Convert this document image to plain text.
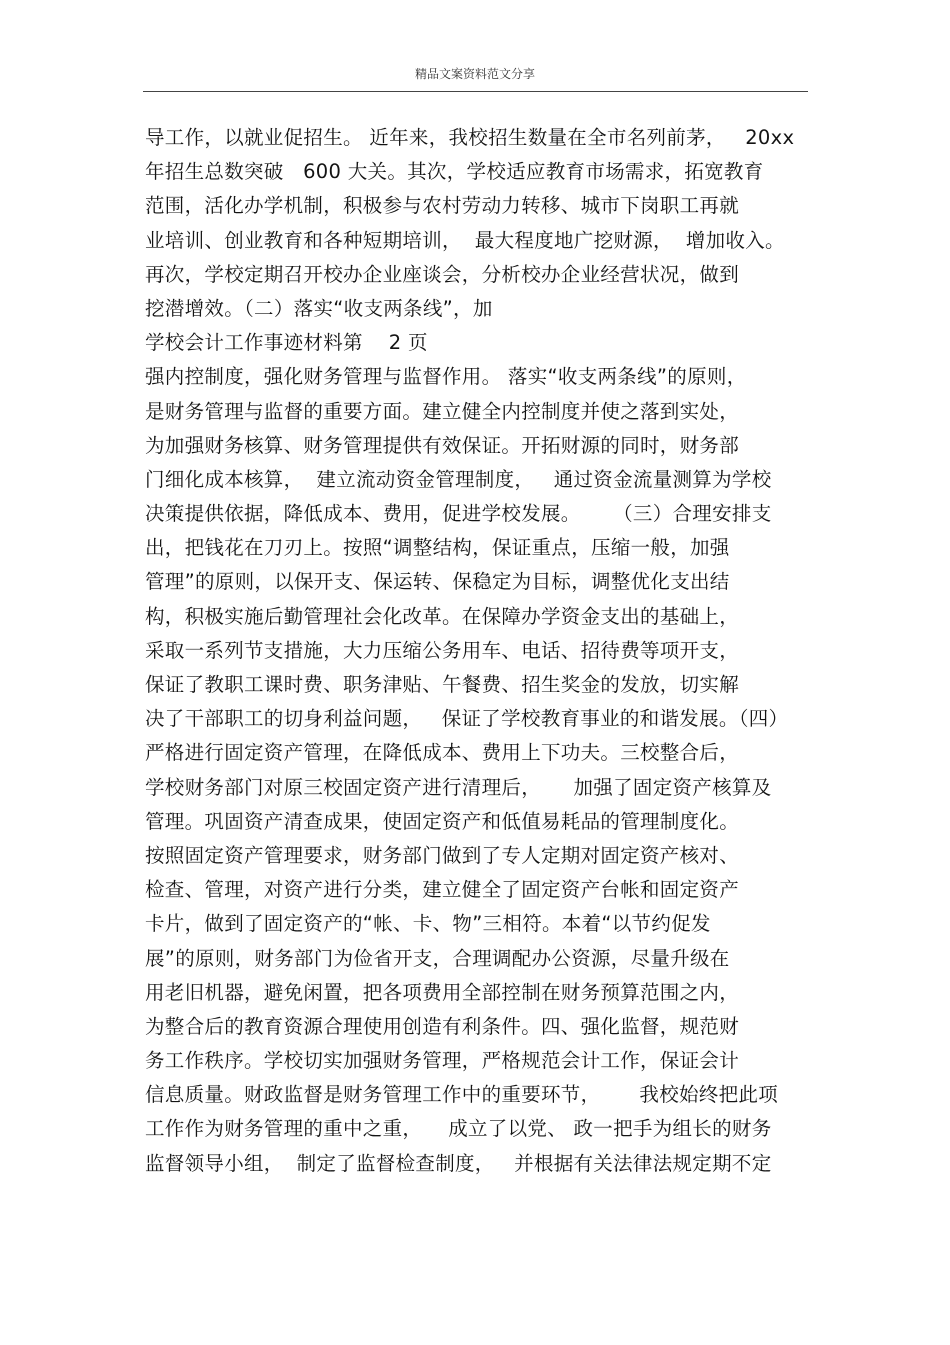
精品文案资料范文分享
导工作，以就业促招生。 近年来，我校招生数量在全市名列前茅，   20xx
年招生总数突破   600 大关。其次，学校适应教育市场需求，拓宽教育
范围，活化办学机制，积极参与农村劳动力转移、城市下岗职工再就
业培训、创业教育和各种短期培训，  最大程度地广挖财源，  增加收入。
再次，学校定期召开校办企业座谈会，分析校办企业经营状况，做到
挖潜增效。（二）落实“收支两条线”，加
学校会计工作事迹材料第    2 页
强内控制度，强化财务管理与监督作用。 落实“收支两条线”的原则，
是财务管理与监督的重要方面。建立健全内控制度并使之落到实处，
为加强财务核算、财务管理提供有效保证。开拓财源的同时，财务部
门细化成本核算，  建立流动资金管理制度，   通过资金流量测算为学校
决策提供依据，降低成本、费用，促进学校发展。     （三）合理安排支
出，把钱花在刀刃上。按照“调整结构，保证重点，压缩一般，加强
管理”的原则，以保开支、保运转、保稳定为目标，调整优化支出结
构，积极实施后勤管理社会化改革。在保障办学资金支出的基础上，
采取一系列节支措施，大力压缩公务用车、电话、招待费等项开支，
保证了教职工课时费、职务津贴、午餐费、招生奖金的发放，切实解
决了干部职工的切身利益问题，   保证了学校教育事业的和谐发展。（四）
严格进行固定资产管理，在降低成本、费用上下功夫。三校整合后，
学校财务部门对原三校固定资产进行清理后，     加强了固定资产核算及
管理。巩固资产清查成果，使固定资产和低值易耗品的管理制度化。
按照固定资产管理要求，财务部门做到了专人定期对固定资产核对、
检查、管理，对资产进行分类，建立健全了固定资产台帐和固定资产
卡片，做到了固定资产的“帐、卡、物”三相符。本着“以节约促发
展”的原则，财务部门为俭省开支，合理调配办公资源，尽量升级在
用老旧机器，避免闲置，把各项费用全部控制在财务预算范围之内，
为整合后的教育资源合理使用创造有利条件。四、强化监督，规范财
务工作秩序。学校切实加强财务管理，严格规范会计工作，保证会计
信息质量。财政监督是财务管理工作中的重要环节，      我校始终把此项
工作作为财务管理的重中之重，    成立了以党、 政一把手为组长的财务
监督领导小组，  制定了监督检查制度，   并根据有关法律法规定期不定
